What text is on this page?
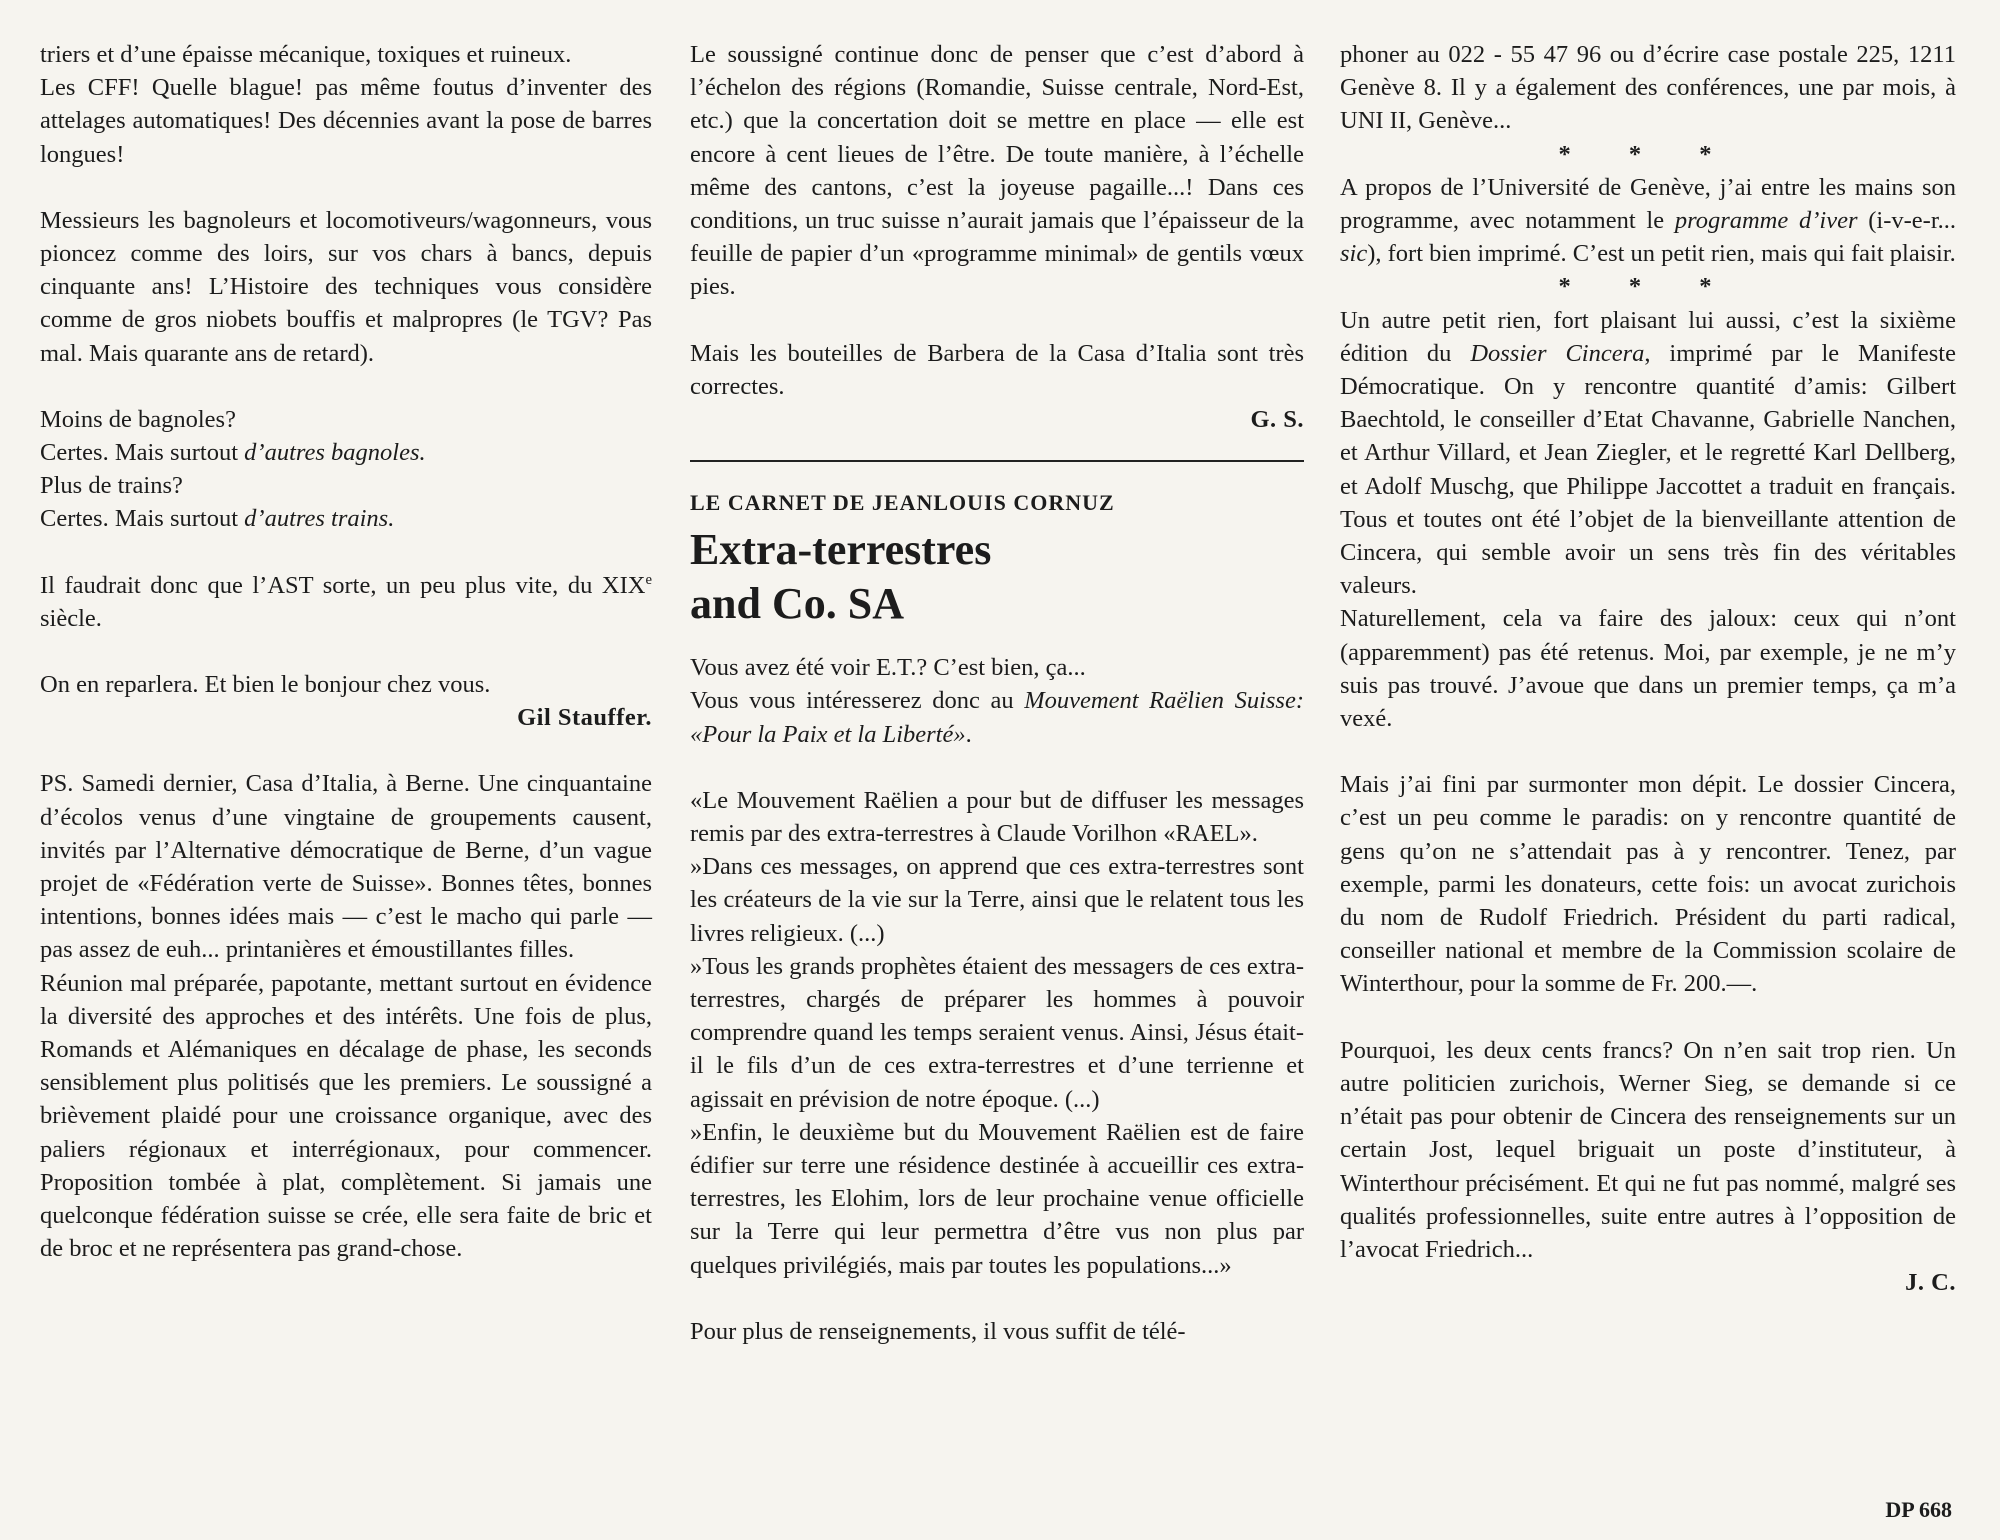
triers et d’une épaisse mécanique, toxiques et ruineux.

Les CFF! Quelle blague! pas même foutus d’inventer des attelages automatiques! Des décennies avant la pose de barres longues!

Messieurs les bagnoleurs et locomotiveurs/wagonneurs, vous pioncez comme des loirs, sur vos chars à bancs, depuis cinquante ans! L’Histoire des techniques vous considère comme de gros niobets bouffis et malpropres (le TGV? Pas mal. Mais quarante ans de retard).

Moins de bagnoles?

Certes. Mais surtout d’autres bagnoles.

Plus de trains?

Certes. Mais surtout d’autres trains.

Il faudrait donc que l’AST sorte, un peu plus vite, du XIXe siècle.

On en reparlera. Et bien le bonjour chez vous.

Gil Stauffer.

PS. Samedi dernier, Casa d’Italia, à Berne. Une cinquantaine d’écolos venus d’une vingtaine de groupements causent, invités par l’Alternative démocratique de Berne, d’un vague projet de «Fédération verte de Suisse». Bonnes têtes, bonnes intentions, bonnes idées mais — c’est le macho qui parle — pas assez de euh... printanières et émoustillantes filles.

Réunion mal préparée, papotante, mettant surtout en évidence la diversité des approches et des intérêts. Une fois de plus, Romands et Alémaniques en décalage de phase, les seconds sensiblement plus politisés que les premiers. Le soussigné a brièvement plaidé pour une croissance organique, avec des paliers régionaux et interrégionaux, pour commencer. Proposition tombée à plat, complètement. Si jamais une quelconque fédération suisse se crée, elle sera faite de bric et de broc et ne représentera pas grand-chose.

Le soussigné continue donc de penser que c’est d’abord à l’échelon des régions (Romandie, Suisse centrale, Nord-Est, etc.) que la concertation doit se mettre en place — elle est encore à cent lieues de l’être. De toute manière, à l’échelle même des cantons, c’est la joyeuse pagaille...! Dans ces conditions, un truc suisse n’aurait jamais que l’épaisseur de la feuille de papier d’un «programme minimal» de gentils vœux pies.

Mais les bouteilles de Barbera de la Casa d’Italia sont très correctes.

G. S.

LE CARNET DE JEANLOUIS CORNUZ

Extra-terrestres
and Co. SA

Vous avez été voir E.T.? C’est bien, ça...

Vous vous intéresserez donc au Mouvement Raëlien Suisse: «Pour la Paix et la Liberté».

«Le Mouvement Raëlien a pour but de diffuser les messages remis par des extra-terrestres à Claude Vorilhon «RAEL».

»Dans ces messages, on apprend que ces extra-terrestres sont les créateurs de la vie sur la Terre, ainsi que le relatent tous les livres religieux. (...)

»Tous les grands prophètes étaient des messagers de ces extra-terrestres, chargés de préparer les hommes à pouvoir comprendre quand les temps seraient venus. Ainsi, Jésus était-il le fils d’un de ces extra-terrestres et d’une terrienne et agissait en prévision de notre époque. (...)

»Enfin, le deuxième but du Mouvement Raëlien est de faire édifier sur terre une résidence destinée à accueillir ces extra-terrestres, les Elohim, lors de leur prochaine venue officielle sur la Terre qui leur permettra d’être vus non plus par quelques privilégiés, mais par toutes les populations...»

Pour plus de renseignements, il vous suffit de télé-

phoner au 022 - 55 47 96 ou d’écrire case postale 225, 1211 Genève 8. Il y a également des conférences, une par mois, à UNI II, Genève...

* * *

A propos de l’Université de Genève, j’ai entre les mains son programme, avec notamment le programme d’iver (i-v-e-r... sic), fort bien imprimé. C’est un petit rien, mais qui fait plaisir.

* * *

Un autre petit rien, fort plaisant lui aussi, c’est la sixième édition du Dossier Cincera, imprimé par le Manifeste Démocratique. On y rencontre quantité d’amis: Gilbert Baechtold, le conseiller d’Etat Chavanne, Gabrielle Nanchen, et Arthur Villard, et Jean Ziegler, et le regretté Karl Dellberg, et Adolf Muschg, que Philippe Jaccottet a traduit en français. Tous et toutes ont été l’objet de la bienveillante attention de Cincera, qui semble avoir un sens très fin des véritables valeurs.

Naturellement, cela va faire des jaloux: ceux qui n’ont (apparemment) pas été retenus. Moi, par exemple, je ne m’y suis pas trouvé. J’avoue que dans un premier temps, ça m’a vexé.

Mais j’ai fini par surmonter mon dépit. Le dossier Cincera, c’est un peu comme le paradis: on y rencontre quantité de gens qu’on ne s’attendait pas à y rencontrer. Tenez, par exemple, parmi les donateurs, cette fois: un avocat zurichois du nom de Rudolf Friedrich. Président du parti radical, conseiller national et membre de la Commission scolaire de Winterthour, pour la somme de Fr. 200.—.

Pourquoi, les deux cents francs? On n’en sait trop rien. Un autre politicien zurichois, Werner Sieg, se demande si ce n’était pas pour obtenir de Cincera des renseignements sur un certain Jost, lequel briguait un poste d’instituteur, à Winterthour précisément. Et qui ne fut pas nommé, malgré ses qualités professionnelles, suite entre autres à l’opposition de l’avocat Friedrich...

J. C.

DP 668
